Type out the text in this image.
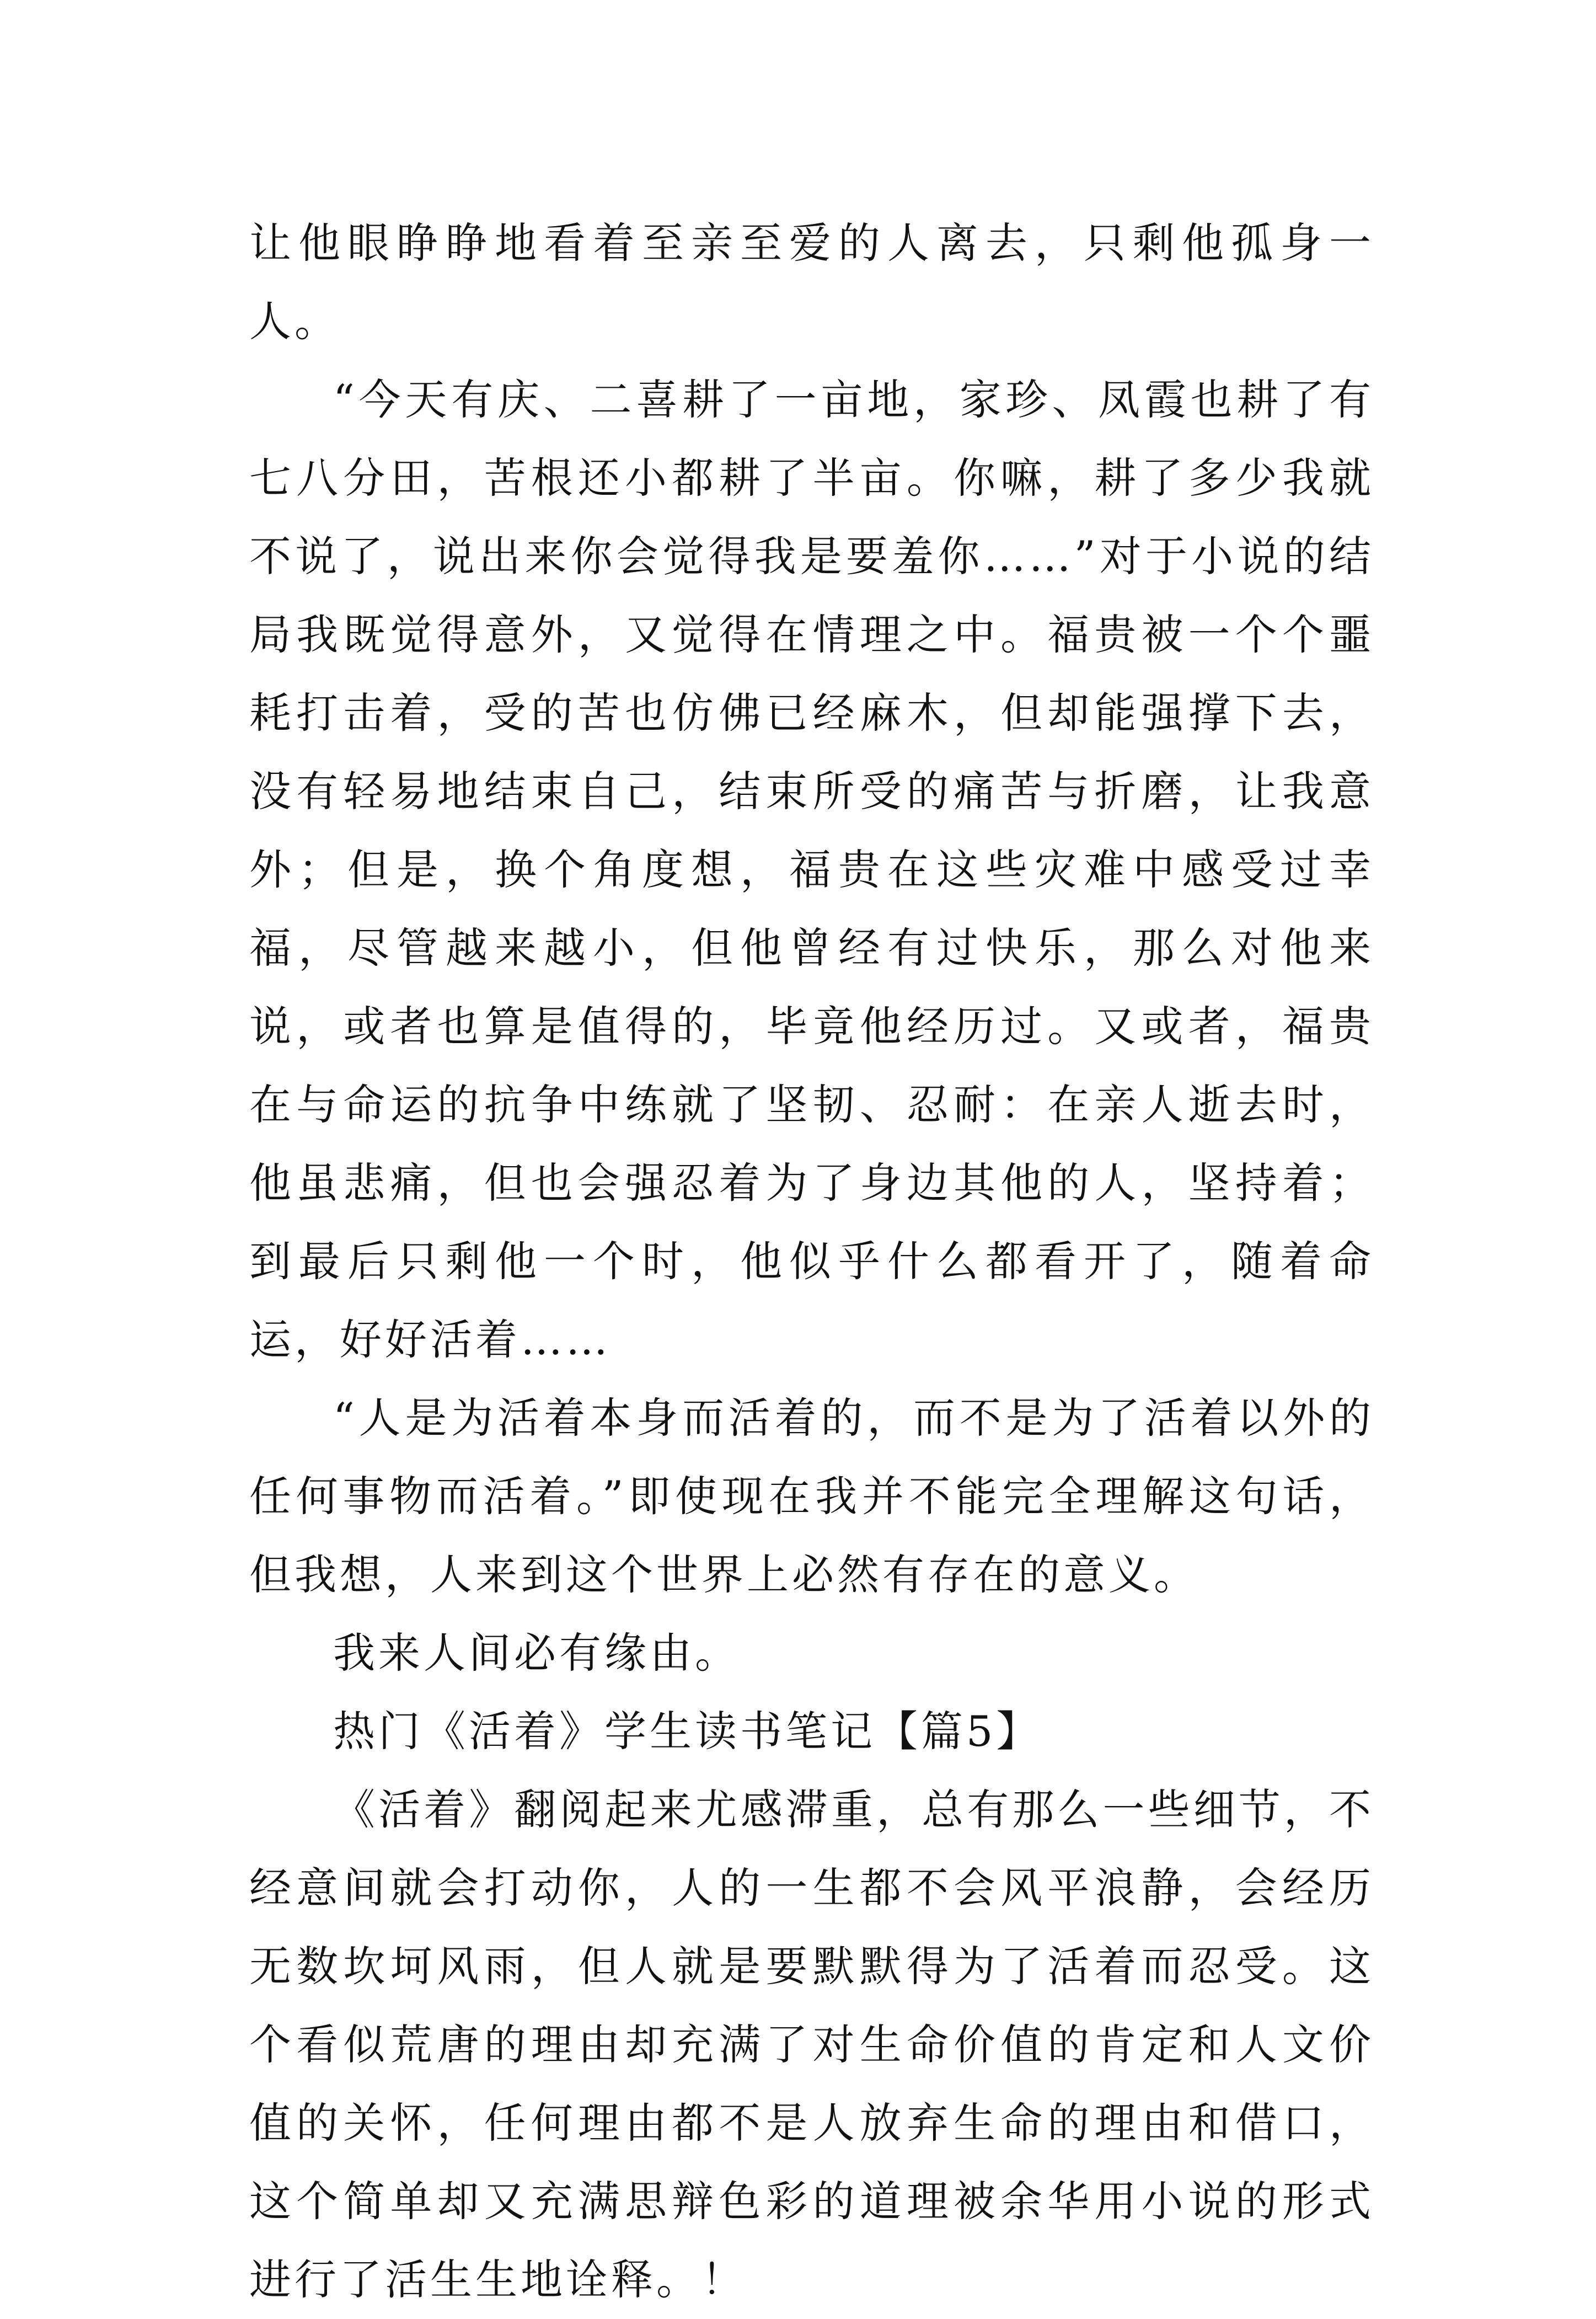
让他眼睁睁地看着至亲至爱的人离去，只剩他孤身一人。

“今天有庆、二喜耕了一亩地，家珍、凤霞也耕了有七八分田，苦根还小都耕了半亩。你嘛，耕了多少我就不说了，说出来你会觉得我是要羞你……”对于小说的结局我既觉得意外，又觉得在情理之中。福贵被一个个噩耗打击着，受的苦也仿佛已经麻木，但却能强撑下去，没有轻易地结束自己，结束所受的痛苦与折磨，让我意外；但是，换个角度想，福贵在这些灾难中感受过幸福，尽管越来越小，但他曾经有过快乐，那么对他来说，或者也算是值得的，毕竟他经历过。又或者，福贵在与命运的抗争中练就了坚韧、忍耐：在亲人逝去时，他虽悲痛，但也会强忍着为了身边其他的人，坚持着；到最后只剩他一个时，他似乎什么都看开了，随着命运，好好活着……

“人是为活着本身而活着的，而不是为了活着以外的任何事物而活着。”即使现在我并不能完全理解这句话，但我想，人来到这个世界上必然有存在的意义。

我来人间必有缘由。

热门《活着》学生读书笔记【篇5】

《活着》翻阅起来尤感滞重，总有那么一些细节，不经意间就会打动你，人的一生都不会风平浪静，会经历无数坎坷风雨，但人就是要默默得为了活着而忍受。这个看似荒唐的理由却充满了对生命价值的肯定和人文价值的关怀，任何理由都不是人放弃生命的理由和借口，这个简单却又充满思辩色彩的道理被余华用小说的形式进行了活生生地诠释。！
